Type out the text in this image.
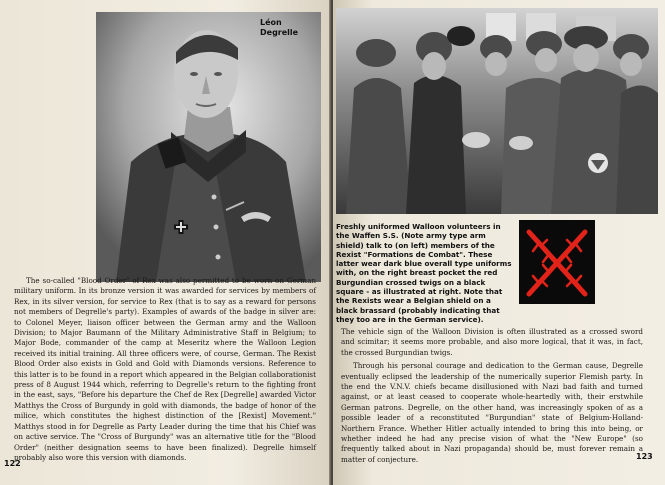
Léon
Degrelle

The so-called "Blood Order" of Rex was also permitted to be worn on German military uniform. In its bronze version it was awarded for services by members of Rex, in its silver version, for service to Rex (that is to say as a reward for persons not members of Degrelle's party). Examples of awards of the badge in silver are: to Colonel Meyer, liaison officer between the German army and the Walloon Division; to Major Baumann of the Military Administrative Staff in Belgium; to Major Bode, commander of the camp at Meseritz where the Walloon Legion received its initial training. All three officers were, of course, German. The Rexist Blood Order also exists in Gold and Gold with Diamonds versions. Reference to this latter is to be found in a report which appeared in the Belgian collaborationist press of 8 August 1944 which, referring to Degrelle's return to the fighting front in the east, says, "Before his departure the Chef de Rex [Degrelle] awarded Victor Matthys the Cross of Burgundy in gold with diamonds, the badge of honor of the milice, which constitutes the highest distinction of the [Rexist] Movement." Matthys stood in for Degrelle as Party Leader during the time that his Chief was on active service. The "Cross of Burgundy" was an alternative title for the "Blood Order" (neither designation seems to have been finalized). Degrelle himself probably also wore this version with diamonds.

122
Freshly uniformed Walloon volunteers in the Waffen S.S. (Note army type arm shield) talk to (on left) members of the Rexist "Formations de Combat". These latter wear dark blue overall type uniforms with, on the right breast pocket the red Burgundian crossed twigs on a black square - as illustrated at right. Note that the Rexists wear a Belgian shield on a black brassard (probably indicating that they too are in the German service).

The vehicle sign of the Walloon Division is often illustrated as a crossed sword and scimitar; it seems more probable, and also more logical, that it was, in fact, the crossed Burgundian twigs.

Through his personal courage and dedication to the German cause, Degrelle eventually eclipsed the leadership of the numerically superior Flemish party. In the end the V.N.V. chiefs became disillusioned with Nazi bad faith and turned against, or at least ceased to cooperate whole-heartedly with, their erstwhile German patrons. Degrelle, on the other hand, was increasingly spoken of as a possible leader of a reconstituted "Burgundian" state of Belgium-Holland-Northern France. Whether Hitler actually intended to bring this into being, or whether indeed he had any precise vision of what the "New Europe" (so frequently talked about in Nazi propaganda) should be, must forever remain a matter of conjecture.	123
